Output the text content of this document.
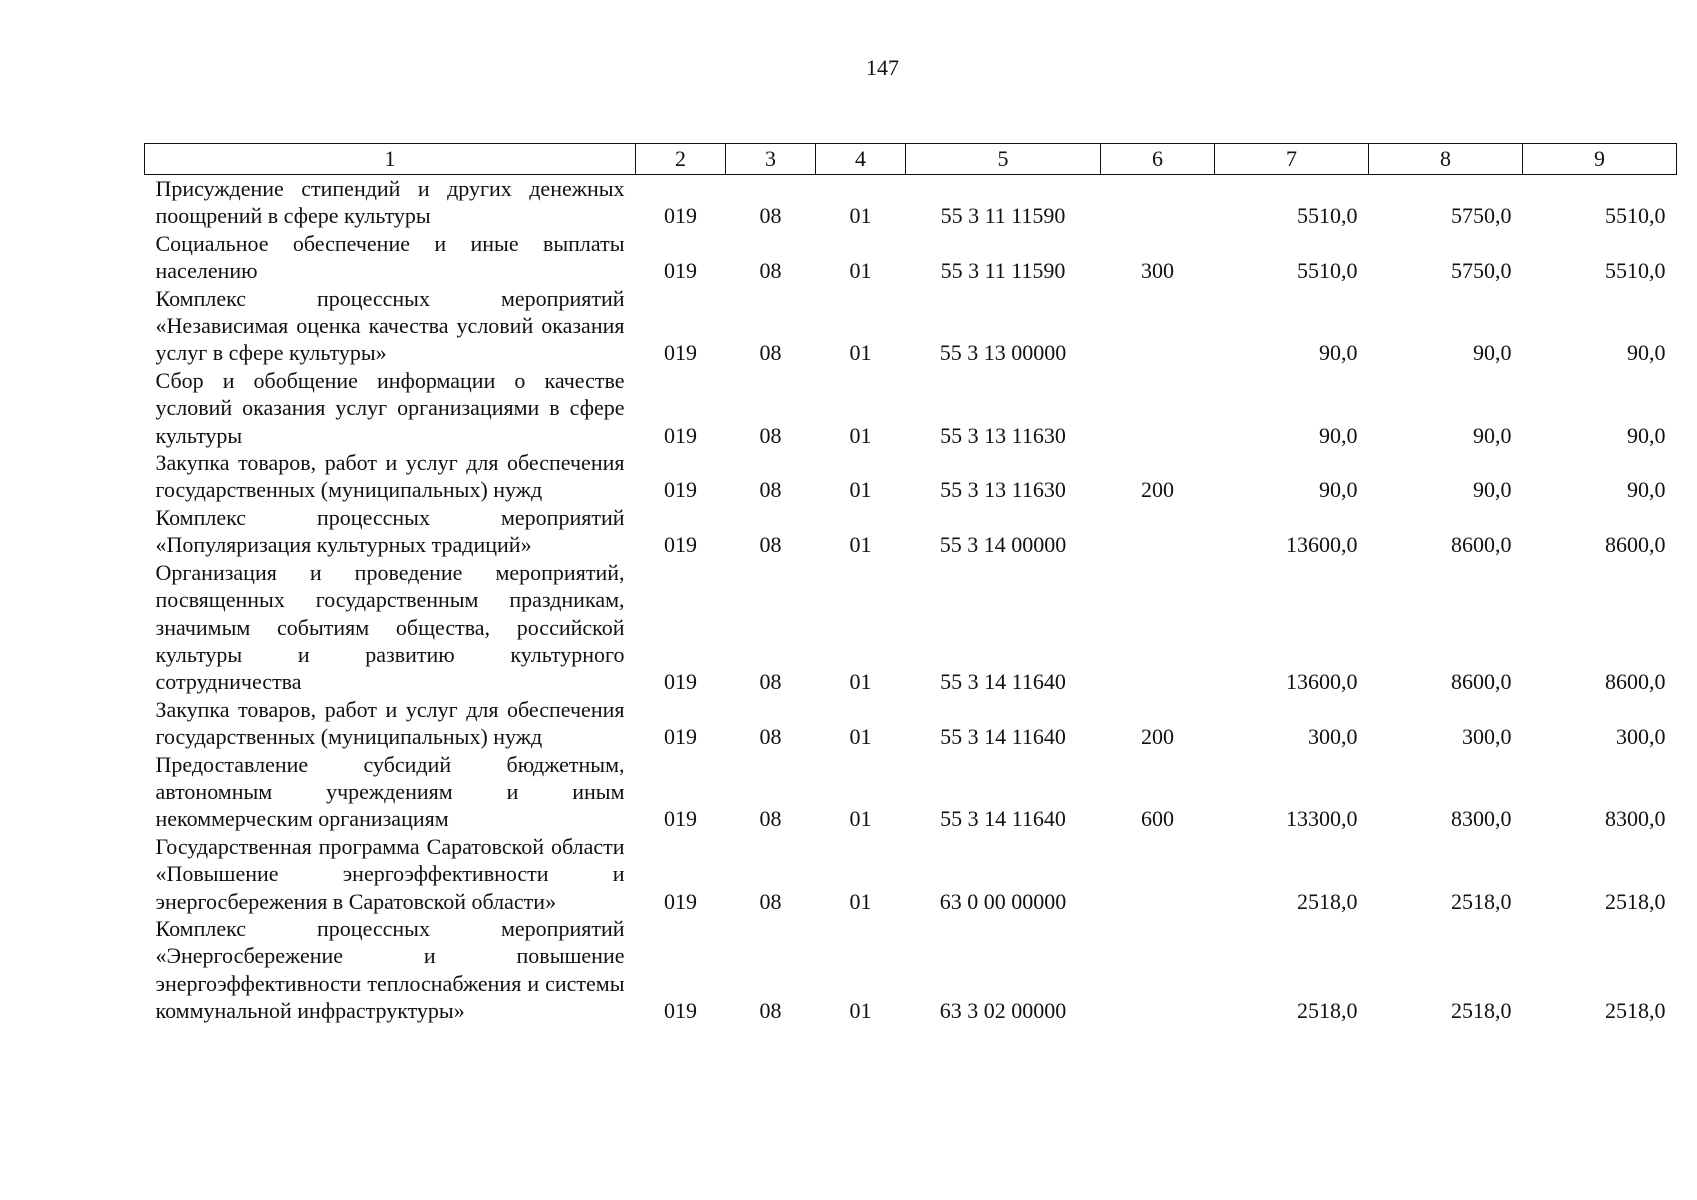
147
1	2	3	4	5	6	7	8	9
Присуждение стипендий и других денежных поощрений в сфере культуры	019	08	01	55 3 11 11590		5510,0	5750,0	5510,0
Социальное обеспечение и иные выплаты населению	019	08	01	55 3 11 11590	300	5510,0	5750,0	5510,0
Комплекс процессных мероприятий «Независимая оценка качества условий оказания услуг в сфере культуры»	019	08	01	55 3 13 00000		90,0	90,0	90,0
Сбор и обобщение информации о качестве условий оказания услуг организациями в сфере культуры	019	08	01	55 3 13 11630		90,0	90,0	90,0
Закупка товаров, работ и услуг для обеспечения государственных (муниципальных) нужд	019	08	01	55 3 13 11630	200	90,0	90,0	90,0
Комплекс процессных мероприятий «Популяризация культурных традиций»	019	08	01	55 3 14 00000		13600,0	8600,0	8600,0
Организация и проведение мероприятий, посвященных государственным праздникам, значимым событиям общества, российской культуры и развитию культурного сотрудничества	019	08	01	55 3 14 11640		13600,0	8600,0	8600,0
Закупка товаров, работ и услуг для обеспечения государственных (муниципальных) нужд	019	08	01	55 3 14 11640	200	300,0	300,0	300,0
Предоставление субсидий бюджетным, автономным учреждениям и иным некоммерческим организациям	019	08	01	55 3 14 11640	600	13300,0	8300,0	8300,0
Государственная программа Саратовской области «Повышение энергоэффективности и энергосбережения в Саратовской области»	019	08	01	63 0 00 00000		2518,0	2518,0	2518,0
Комплекс процессных мероприятий «Энергосбережение и повышение энергоэффективности теплоснабжения и системы коммунальной инфраструктуры»	019	08	01	63 3 02 00000		2518,0	2518,0	2518,0
